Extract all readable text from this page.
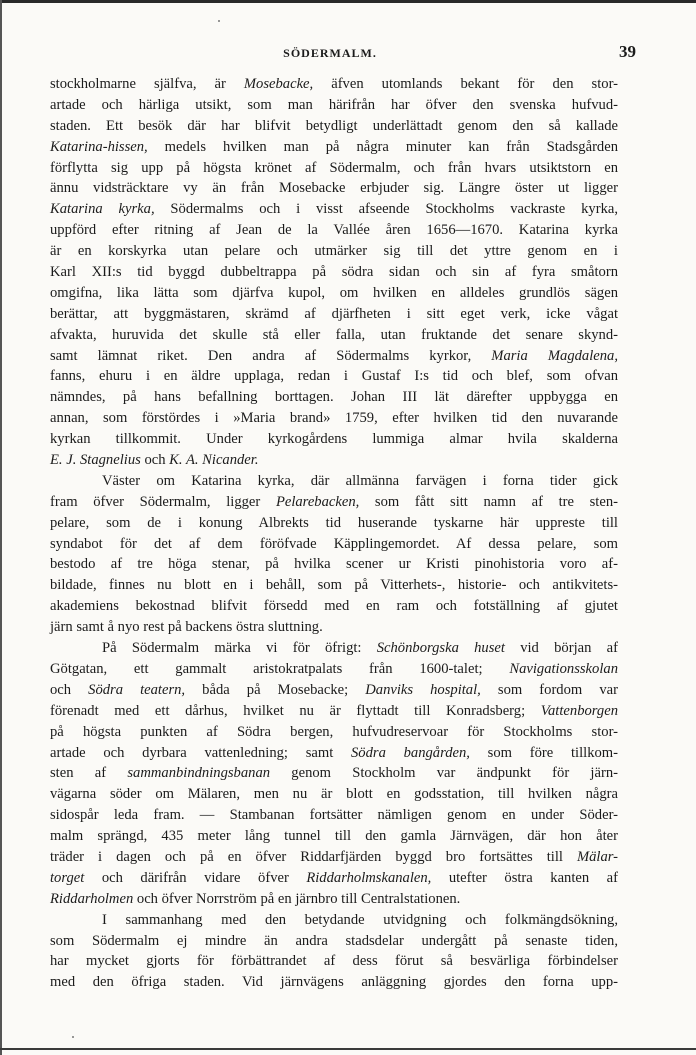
SÖDERMALM.	39
stockholmarne själfva, är Mosebacke, äfven utomlands bekant för den stor-
artade och härliga utsikt, som man härifrån har öfver den svenska hufvud-
staden. Ett besök där har blifvit betydligt underlättadt genom den så kallade
Katarina-hissen, medels hvilken man på några minuter kan från Stadsgården
förflytta sig upp på högsta krönet af Södermalm, och från hvars utsiktstorn en
ännu vidsträcktare vy än från Mosebacke erbjuder sig. Längre öster ut ligger
Katarina kyrka, Södermalms och i visst afseende Stockholms vackraste kyrka,
uppförd efter ritning af Jean de la Vallée åren 1656—1670. Katarina kyrka
är en korskyrka utan pelare och utmärker sig till det yttre genom en i
Karl XII:s tid byggd dubbeltrappa på södra sidan och sin af fyra småtorn
omgifna, lika lätta som djärfva kupol, om hvilken en alldeles grundlös sägen
berättar, att byggmästaren, skrämd af djärfheten i sitt eget verk, icke vågat
afvakta, huruvida det skulle stå eller falla, utan fruktande det senare skynd-
samt lämnat riket. Den andra af Södermalms kyrkor, Maria Magdalena,
fanns, ehuru i en äldre upplaga, redan i Gustaf I:s tid och blef, som ofvan
nämndes, på hans befallning borttagen. Johan III lät därefter uppbygga en
annan, som förstördes i »Maria brand» 1759, efter hvilken tid den nuvarande
kyrkan tillkommit. Under kyrkogårdens lummiga almar hvila skalderna
E. J. Stagnelius och K. A. Nicander.
Väster om Katarina kyrka, där allmänna farvägen i forna tider gick
fram öfver Södermalm, ligger Pelarebacken, som fått sitt namn af tre sten-
pelare, som de i konung Albrekts tid huserande tyskarne här uppreste till
syndabot för det af dem föröfvade Käpplingemordet. Af dessa pelare, som
bestodo af tre höga stenar, på hvilka scener ur Kristi pinohistoria voro af-
bildade, finnes nu blott en i behåll, som på Vitterhets-, historie- och antikvitets-
akademiens bekostnad blifvit försedd med en ram och fotställning af gjutet
järn samt å nyo rest på backens östra sluttning.
På Södermalm märka vi för öfrigt: Schönborgska huset vid början af
Götgatan, ett gammalt aristokratpalats från 1600-talet; Navigationsskolan
och Södra teatern, båda på Mosebacke; Danviks hospital, som fordom var
förenadt med ett dårhus, hvilket nu är flyttadt till Konradsberg; Vattenborgen
på högsta punkten af Södra bergen, hufvudreservoar för Stockholms stor-
artade och dyrbara vattenledning; samt Södra bangården, som före tillkom-
sten af sammanbindningsbanan genom Stockholm var ändpunkt för järn-
vägarna söder om Mälaren, men nu är blott en godsstation, till hvilken några
sidospår leda fram. — Stambanan fortsätter nämligen genom en under Söder-
malm sprängd, 435 meter lång tunnel till den gamla Järnvägen, där hon åter
träder i dagen och på en öfver Riddarfjärden byggd bro fortsättes till Mälar-
torget och därifrån vidare öfver Riddarholmskanalen, utefter östra kanten af
Riddarholmen och öfver Norrström på en järnbro till Centralstationen.
I sammanhang med den betydande utvidgning och folkmängdsökning,
som Södermalm ej mindre än andra stadsdelar undergått på senaste tiden,
har mycket gjorts för förbättrandet af dess förut så besvärliga förbindelser
med den öfriga staden. Vid järnvägens anläggning gjordes den forna upp-
